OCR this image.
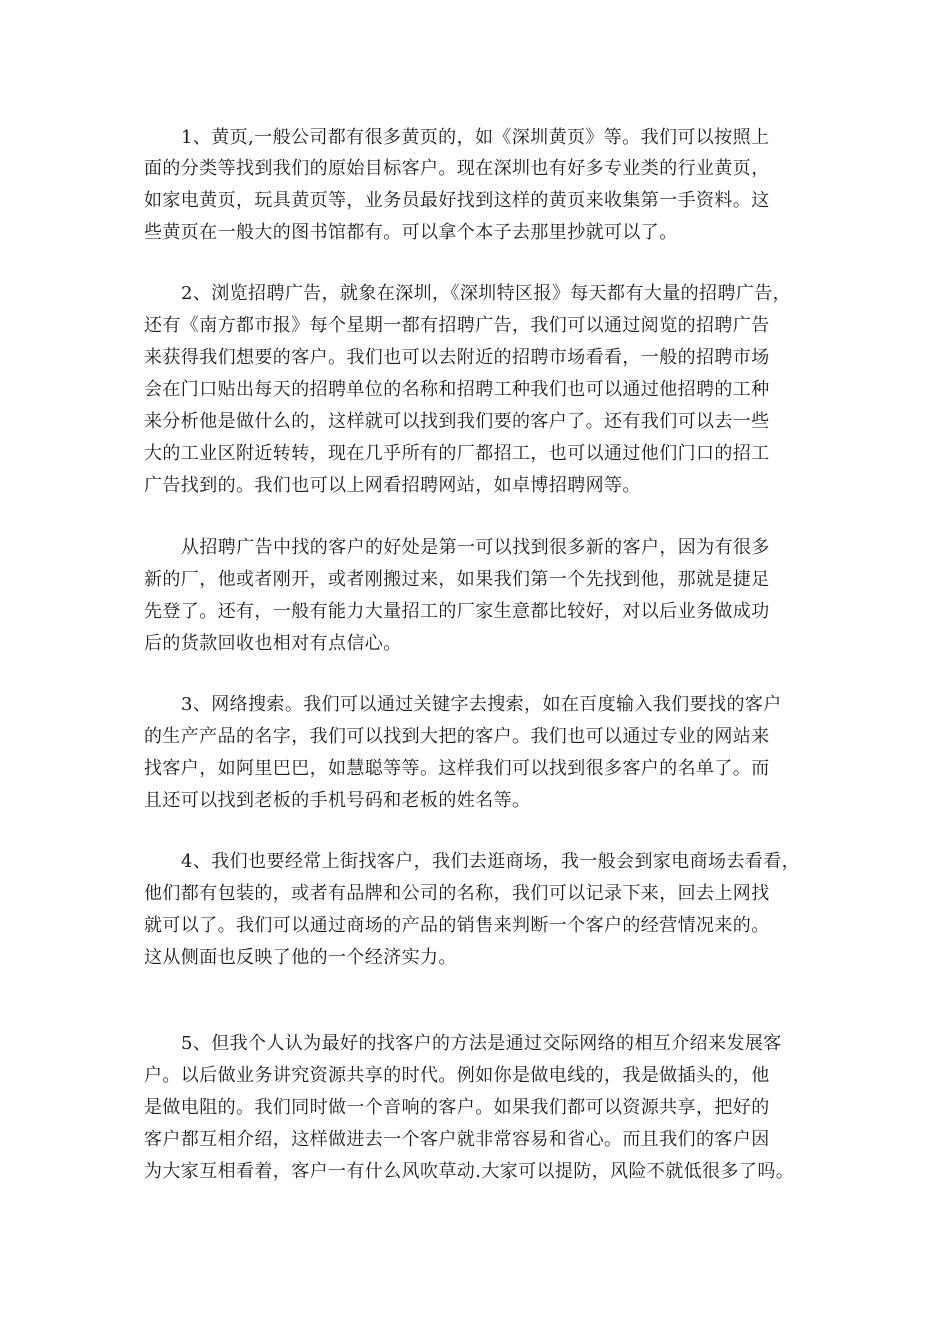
1、黄页,一般公司都有很多黄页的，如《深圳黄页》等。我们可以按照上
面的分类等找到我们的原始目标客户。现在深圳也有好多专业类的行业黄页，
如家电黄页，玩具黄页等，业务员最好找到这样的黄页来收集第一手资料。这
些黄页在一般大的图书馆都有。可以拿个本子去那里抄就可以了。
2、浏览招聘广告，就象在深圳，《深圳特区报》每天都有大量的招聘广告，
还有《南方都市报》每个星期一都有招聘广告，我们可以通过阅览的招聘广告
来获得我们想要的客户。我们也可以去附近的招聘市场看看，一般的招聘市场
会在门口贴出每天的招聘单位的名称和招聘工种我们也可以通过他招聘的工种
来分析他是做什么的，这样就可以找到我们要的客户了。还有我们可以去一些
大的工业区附近转转，现在几乎所有的厂都招工，也可以通过他们门口的招工
广告找到的。我们也可以上网看招聘网站，如卓博招聘网等。
从招聘广告中找的客户的好处是第一可以找到很多新的客户，因为有很多
新的厂，他或者刚开，或者刚搬过来，如果我们第一个先找到他，那就是捷足
先登了。还有，一般有能力大量招工的厂家生意都比较好，对以后业务做成功
后的货款回收也相对有点信心。
3、网络搜索。我们可以通过关键字去搜索，如在百度输入我们要找的客户
的生产产品的名字，我们可以找到大把的客户。我们也可以通过专业的网站来
找客户，如阿里巴巴，如慧聪等等。这样我们可以找到很多客户的名单了。而
且还可以找到老板的手机号码和老板的姓名等。
4、我们也要经常上街找客户，我们去逛商场，我一般会到家电商场去看看，
他们都有包装的，或者有品牌和公司的名称，我们可以记录下来，回去上网找
就可以了。我们可以通过商场的产品的销售来判断一个客户的经营情况来的。
这从侧面也反映了他的一个经济实力。
5、但我个人认为最好的找客户的方法是通过交际网络的相互介绍来发展客
户。以后做业务讲究资源共享的时代。例如你是做电线的，我是做插头的，他
是做电阻的。我们同时做一个音响的客户。如果我们都可以资源共享，把好的
客户都互相介绍，这样做进去一个客户就非常容易和省心。而且我们的客户因
为大家互相看着，客户一有什么风吹草动.大家可以提防，风险不就低很多了吗。
